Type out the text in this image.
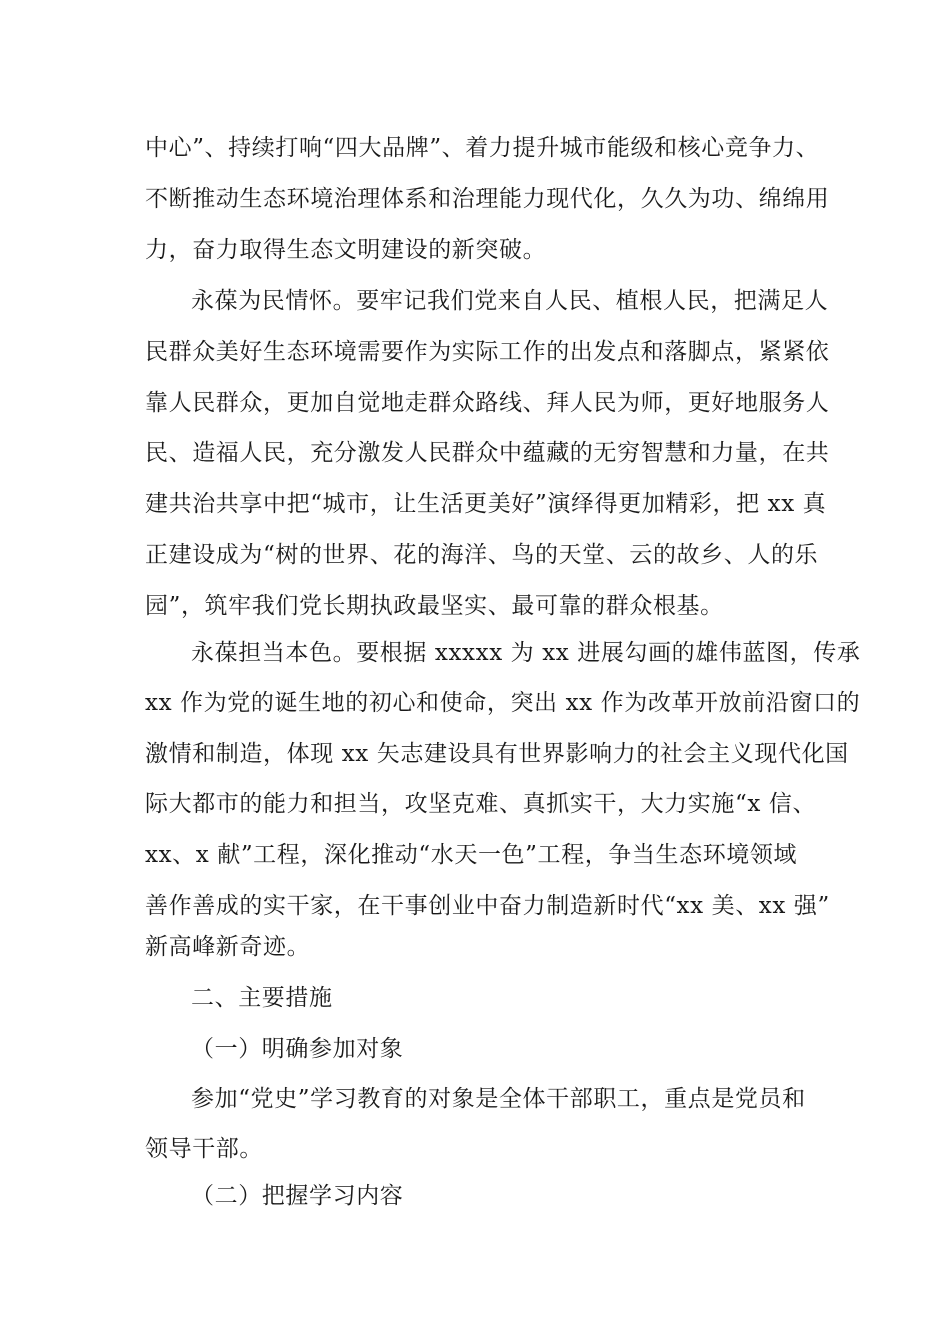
中心”、持续打响“四大品牌”、着力提升城市能级和核心竞争力、
不断推动生态环境治理体系和治理能力现代化，久久为功、绵绵用
力，奋力取得生态文明建设的新突破。
永葆为民情怀。要牢记我们党来自人民、植根人民，把满足人
民群众美好生态环境需要作为实际工作的出发点和落脚点，紧紧依
靠人民群众，更加自觉地走群众路线、拜人民为师，更好地服务人
民、造福人民，充分激发人民群众中蕴藏的无穷智慧和力量，在共
建共治共享中把“城市，让生活更美好”演绎得更加精彩，把 xx 真
正建设成为“树的世界、花的海洋、鸟的天堂、云的故乡、人的乐
园”，筑牢我们党长期执政最坚实、最可靠的群众根基。
永葆担当本色。要根据 xxxxx 为 xx 进展勾画的雄伟蓝图，传承
xx 作为党的诞生地的初心和使命，突出 xx 作为改革开放前沿窗口的
激情和制造，体现 xx 矢志建设具有世界影响力的社会主义现代化国
际大都市的能力和担当，攻坚克难、真抓实干，大力实施“x 信、
xx、x 献”工程，深化推动“水天一色”工程，争当生态环境领域
善作善成的实干家，在干事创业中奋力制造新时代“xx 美、xx 强”
新高峰新奇迹。
二、主要措施
（一）明确参加对象
参加“党史”学习教育的对象是全体干部职工，重点是党员和
领导干部。
（二）把握学习内容
